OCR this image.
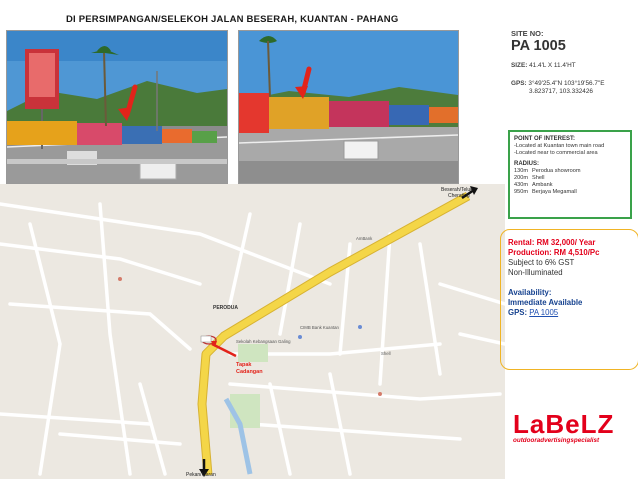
DI PERSIMPANGAN/SELEKOH JALAN BESERAH, KUANTAN - PAHANG
Beserah/Teluk
Cherating
PERODUA
Tapak
Cadangan
Pekan/Maran
AmBank
CIMB Bank Kuantan
Sekolah Kebangsaan Galing
Shell
SITE NO:
PA 1005
SIZE: 41.4'L X 11.4'HT
GPS: 3°49'25.4"N 103°19'56.7"E
3.823717, 103.332426
POINT OF INTEREST:
-Located at Kuantan town main road
-Located near to commercial area
RADIUS:
130m Perodua showroom
200m Shell
430m Ambank
950m Berjaya Megamall
Rental: RM 32,000/ Year
Production: RM 4,510/Pc
Subject to 6% GST
Non-Illuminated
Availability:
Immediate Available
GPS: PA 1005
LaBeLZ
outdooradvertisingspecialist
